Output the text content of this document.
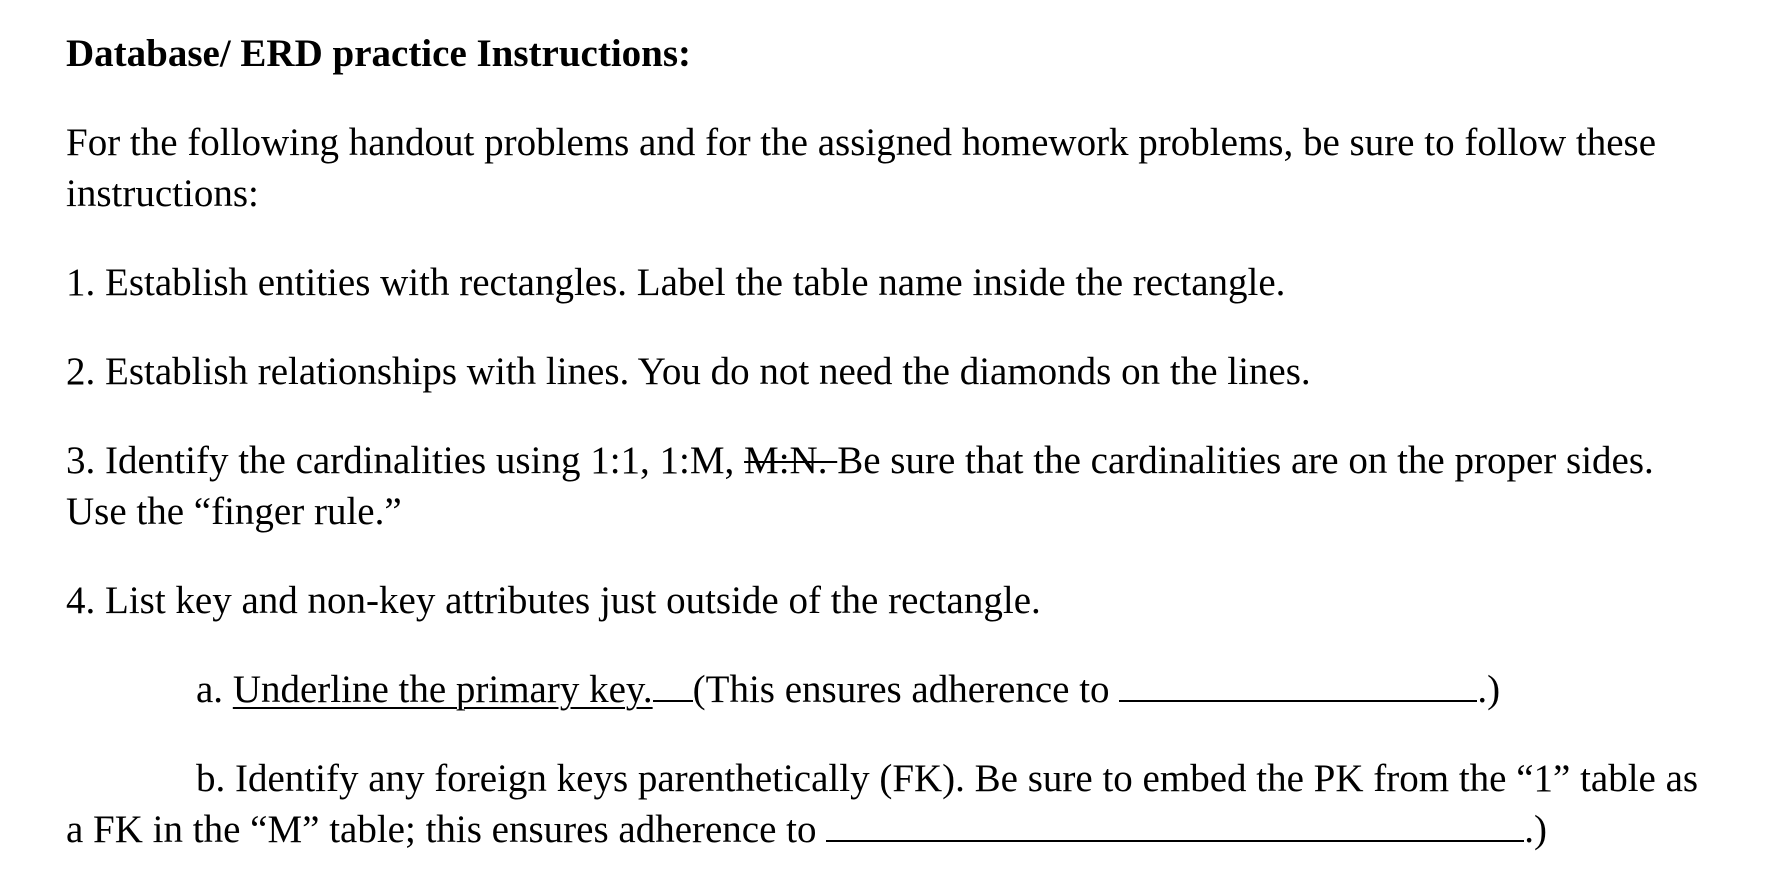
Database/ ERD practice Instructions:
For the following handout problems and for the assigned homework problems, be sure to follow these
instructions:
1. Establish entities with rectangles. Label the table name inside the rectangle.
2. Establish relationships with lines. You do not need the diamonds on the lines.
3. Identify the cardinalities using 1:1, 1:M, M:N. Be sure that the cardinalities are on the proper sides.
Use the “finger rule.”
4. List key and non-key attributes just outside of the rectangle.
a. Underline the primary key. (This ensures adherence to	.)
b. Identify any foreign keys parenthetically (FK). Be sure to embed the PK from the “1” table as
a FK in the “M” table; this ensures adherence to	.)
